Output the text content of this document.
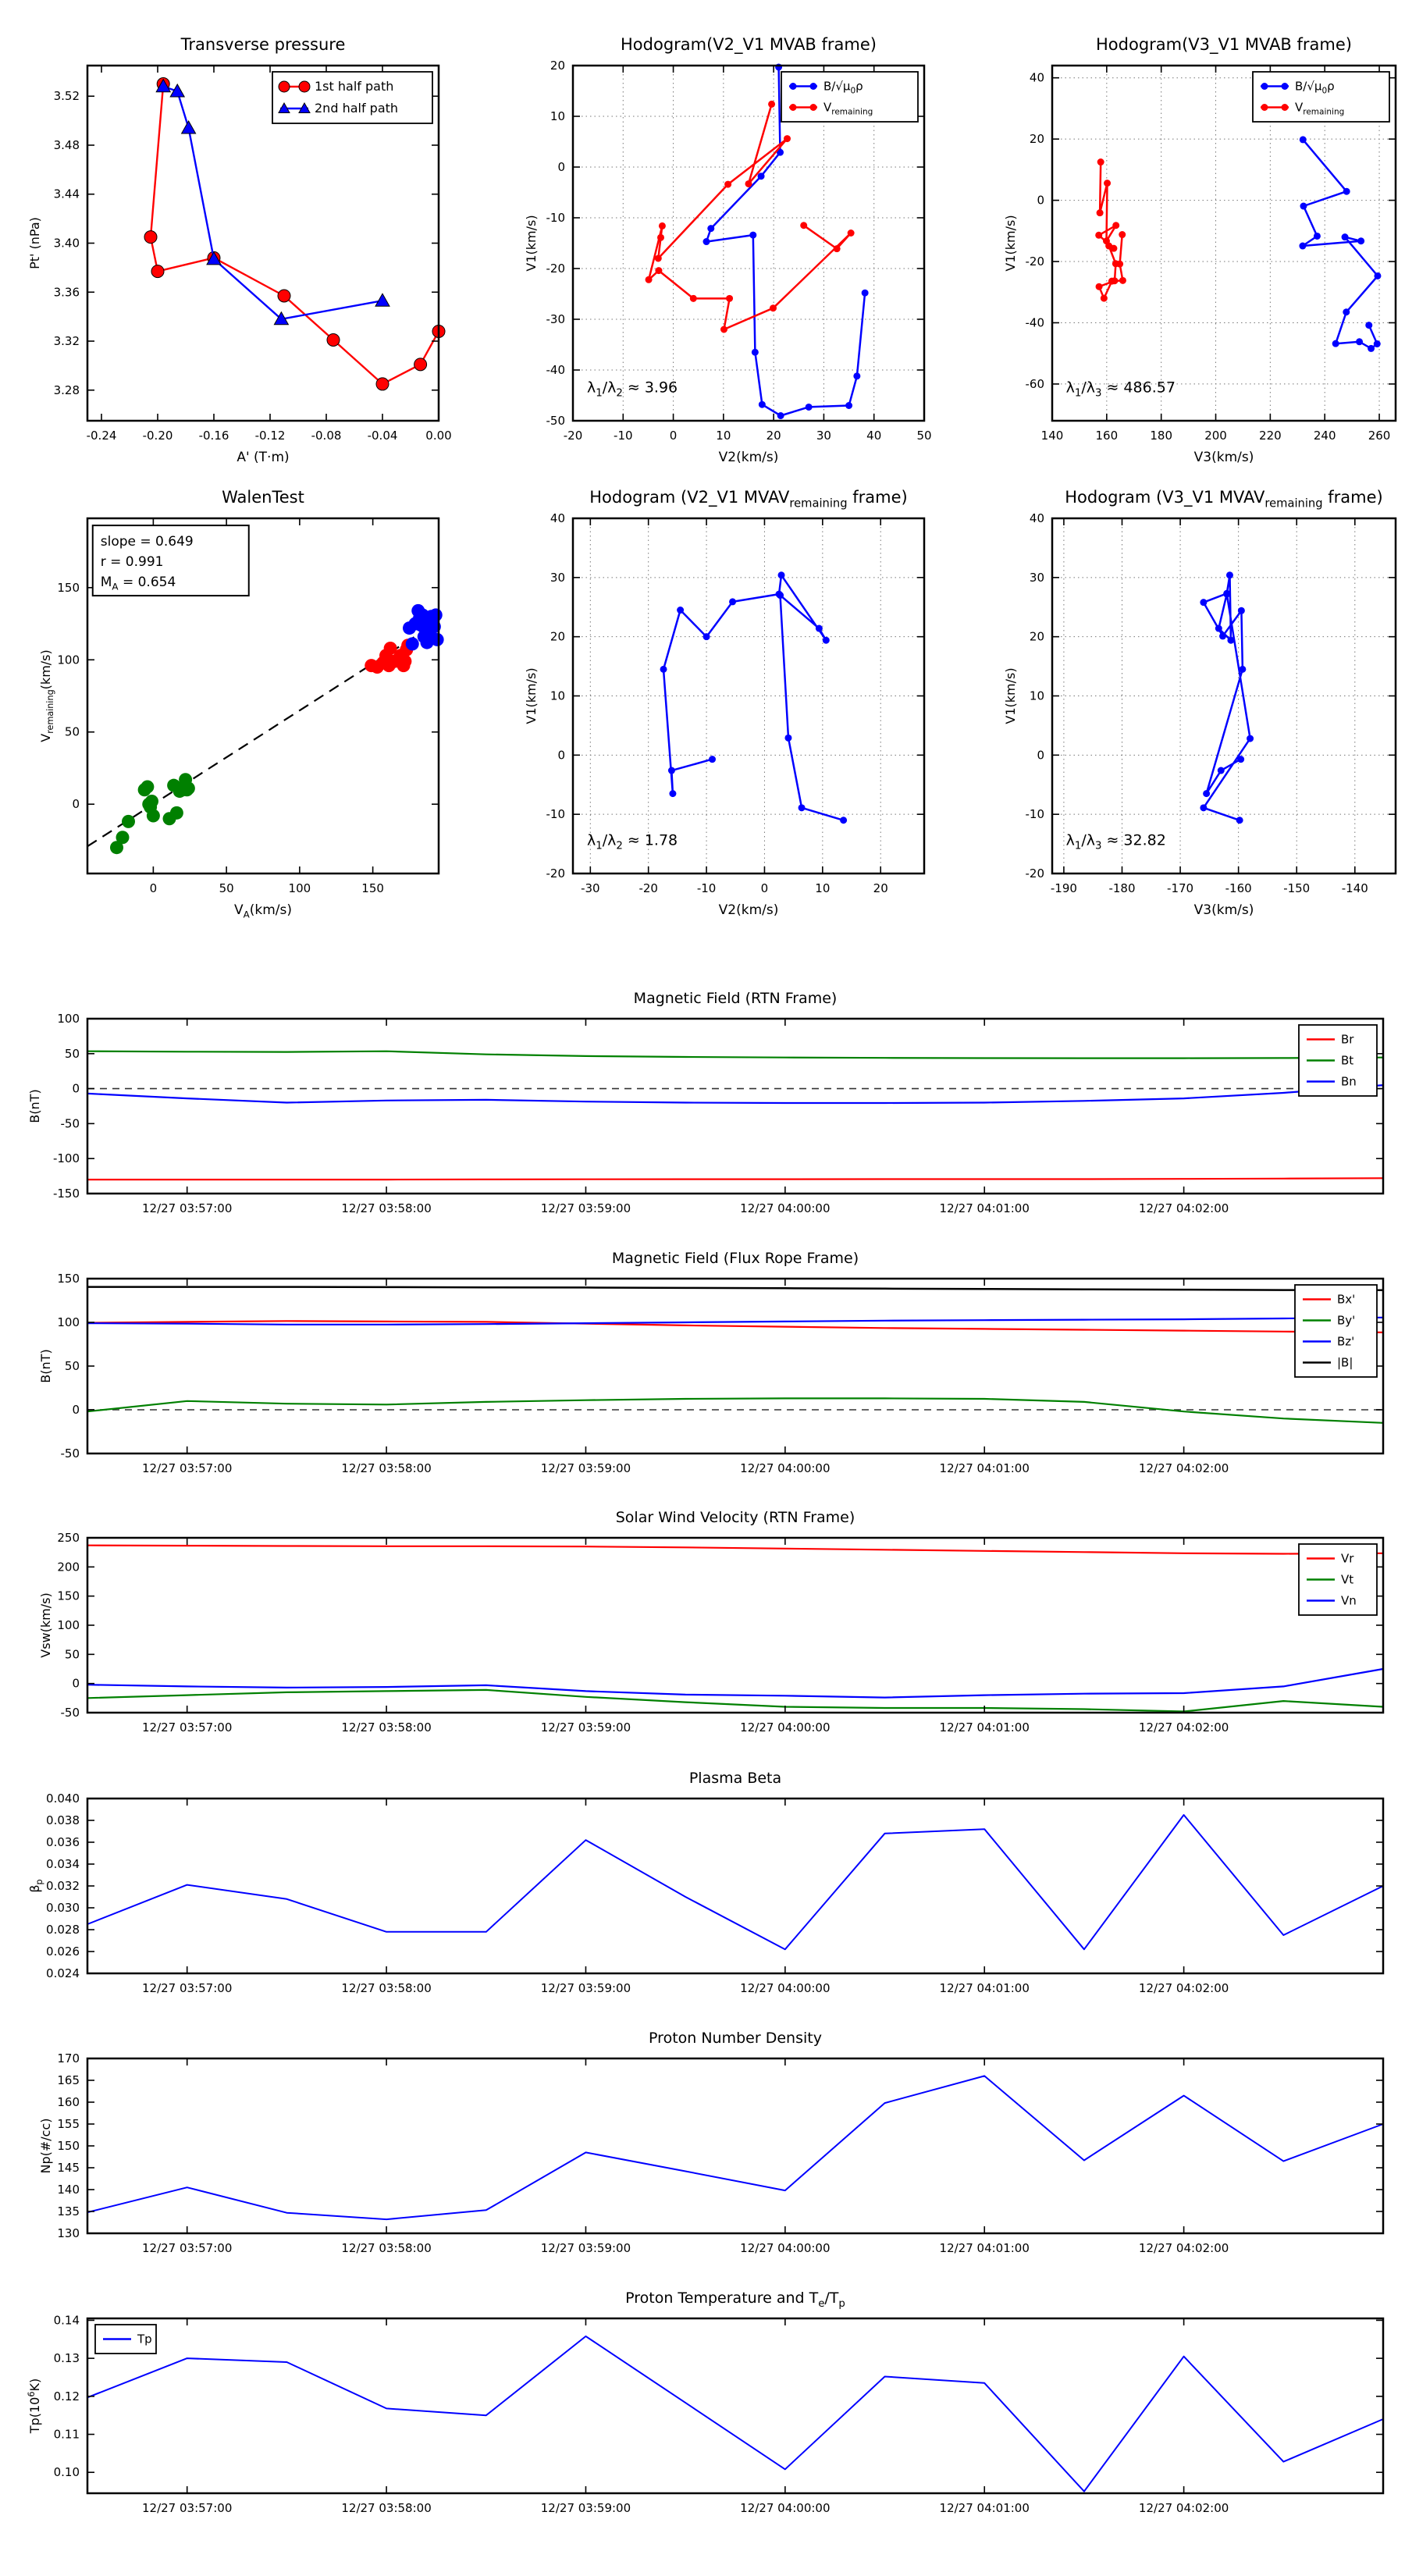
-0.24 -0.20 -0.16 -0.12 -0.08 -0.04 0.00
3.28
3.32
3.36
3.40
3.44
3.48
3.52
Transverse pressure
A' (T·m)
Pt' (nPa)
1st half path
2nd half path
-20	-10	0	10	20	30	40	50
-50
-40
-30
-20
-10
0
10
20
Hodogram(V2_V1 MVAB frame)
V2(km/s)
V1(km/s)
$\lambda_1/\lambda_2 \approx 3.96$
$B/√\mu_0\rho$
$V_{remaining}$
140	160	180	200	220	240	260
-60
-40
-20
0
20
40
Hodogram(V3_V1 MVAB frame)
V3(km/s)
V1(km/s)
$\lambda_1/\lambda_3 \approx 486.57$
$B/√\mu_0\rho$
$V_{remaining}$
0	50	100	150
0
50
100
150
WalenTest
$V_A(km/s)$
$V_{remaining}(km/s)$
slope = 0.649
r = 0.991
$M_A = 0.654$
-30	-20	-10	0	10	20
-20
-10
0
10
20
30
40
Hodogram (V2_V1 $MVAV_{remaining}$ frame)
V2(km/s)
V1(km/s)
$\lambda_1/\lambda_2 \approx 1.78$
-190	-180	-170	-160	-150	-140
-20
-10
0
10
20
30
40
Hodogram (V3_V1 $MVAV_{remaining}$ frame)
V3(km/s)
V1(km/s)
$\lambda_1/\lambda_3 \approx 32.82$
12/27 03:57:00	12/27 03:58:00	12/27 03:59:00	12/27 04:00:00	12/27 04:01:00	12/27 04:02:00
-150
-100
-50
0
50
100
Magnetic Field (RTN Frame)
B(nT)
Br
Bt
Bn
12/27 03:57:00	12/27 03:58:00	12/27 03:59:00	12/27 04:00:00	12/27 04:01:00	12/27 04:02:00
-50
0
50
100
150
Magnetic Field (Flux Rope Frame)
B(nT)
Bx'
By'
Bz'
|B|
12/27 03:57:00	12/27 03:58:00	12/27 03:59:00	12/27 04:00:00	12/27 04:01:00	12/27 04:02:00
-50
0
50
100
150
200
250
Solar Wind Velocity (RTN Frame)
Vsw(km/s)
Vr
Vt
Vn
12/27 03:57:00	12/27 03:58:00	12/27 03:59:00	12/27 04:00:00	12/27 04:01:00	12/27 04:02:00
0.024
0.026
0.028
0.030
0.032
0.034
0.036
0.038
0.040
Plasma Beta
$\beta_p$
12/27 03:57:00	12/27 03:58:00	12/27 03:59:00	12/27 04:00:00	12/27 04:01:00	12/27 04:02:00
130
135
140
145
150
155
160
165
170
Proton Number Density
Np(#/cc)
12/27 03:57:00	12/27 03:58:00	12/27 03:59:00	12/27 04:00:00	12/27 04:01:00	12/27 04:02:00
0.10
0.11
0.12
0.13
0.14
Proton Temperature and $T_e/T_p$
$Tp(10^6K)$
Tp
